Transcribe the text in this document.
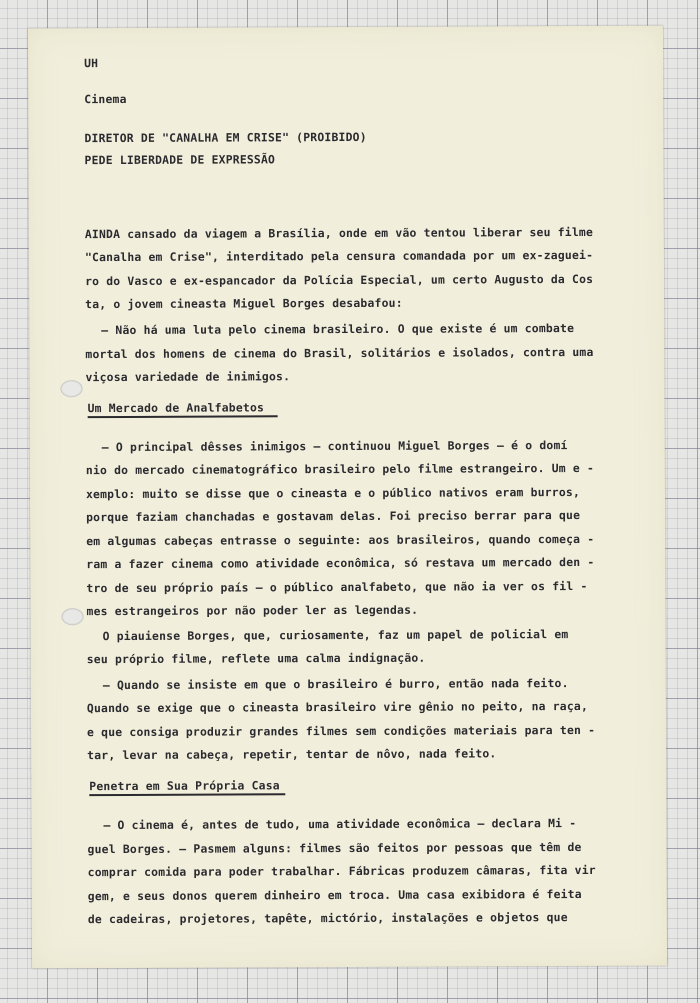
UH
Cinema
DIRETOR DE "CANALHA EM CRISE" (PROIBIDO)
PEDE LIBERDADE DE EXPRESSÃO
AINDA cansado da viagem a Brasília, onde em vão tentou liberar seu filme
"Canalha em Crise", interditado pela censura comandada por um ex-zaguei-
ro do Vasco e ex-espancador da Polícia Especial, um certo Augusto da Cos
ta, o jovem cineasta Miguel Borges desabafou:
— Não há uma luta pelo cinema brasileiro. O que existe é um combate
mortal dos homens de cinema do Brasil, solitários e isolados, contra uma
viçosa variedade de inimigos.
Um Mercado de Analfabetos
— O principal dêsses inimigos — continuou Miguel Borges — é o domí
nio do mercado cinematográfico brasileiro pelo filme estrangeiro. Um e -
xemplo: muito se disse que o cineasta e o público nativos eram burros,
porque faziam chanchadas e gostavam delas. Foi preciso berrar para que
em algumas cabeças entrasse o seguinte: aos brasileiros, quando começa -
ram a fazer cinema como atividade econômica, só restava um mercado den -
tro de seu próprio país — o público analfabeto, que não ia ver os fil -
mes estrangeiros por não poder ler as legendas.
O piauiense Borges, que, curiosamente, faz um papel de policial em
seu próprio filme, reflete uma calma indignação.
— Quando se insiste em que o brasileiro é burro, então nada feito.
Quando se exige que o cineasta brasileiro vire gênio no peito, na raça,
e que consiga produzir grandes filmes sem condições materiais para ten -
tar, levar na cabeça, repetir, tentar de nôvo, nada feito.
Penetra em Sua Própria Casa
— O cinema é, antes de tudo, uma atividade econômica — declara Mi -
guel Borges. — Pasmem alguns: filmes são feitos por pessoas que têm de
comprar comida para poder trabalhar. Fábricas produzem câmaras, fita vir
gem, e seus donos querem dinheiro em troca. Uma casa exibidora é feita
de cadeiras, projetores, tapête, mictório, instalações e objetos que
